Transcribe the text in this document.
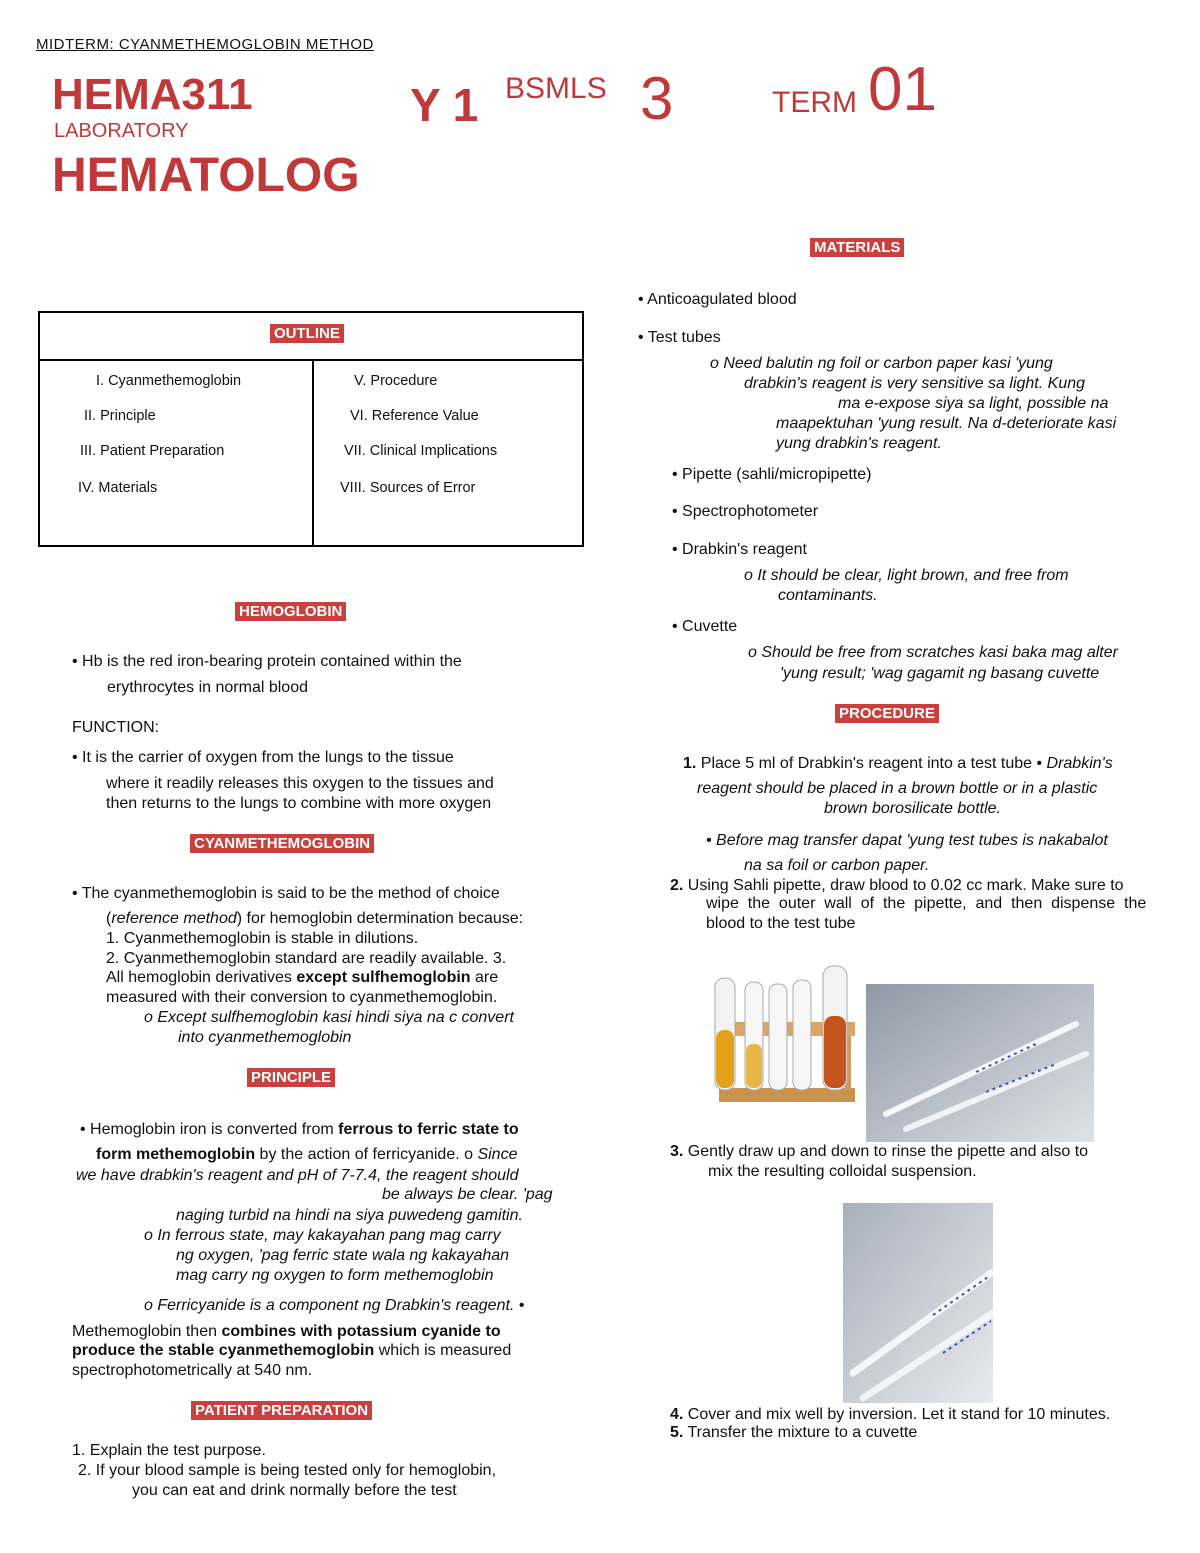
MIDTERM: CYANMETHEMOGLOBIN METHOD
HEMA311
LABORATORY
HEMATOLOG
Y 1 BSMLS 3	TERM 01
OUTLINE
I. Cyanmethemoglobin
II. Principle
III. Patient Preparation
IV. Materials
V. Procedure
VI. Reference Value
VII. Clinical Implications
VIII. Sources of Error
HEMOGLOBIN
• Hb is the red iron-bearing protein contained within the
erythrocytes in normal blood
FUNCTION:
• It is the carrier of oxygen from the lungs to the tissue
where it readily releases this oxygen to the tissues and
then returns to the lungs to combine with more oxygen
CYANMETHEMOGLOBIN
• The cyanmethemoglobin is said to be the method of choice
(reference method) for hemoglobin determination because:
1. Cyanmethemoglobin is stable in dilutions.
2. Cyanmethemoglobin standard are readily available. 3.
All hemoglobin derivatives except sulfhemoglobin are
measured with their conversion to cyanmethemoglobin.
o Except sulfhemoglobin kasi hindi siya na c convert
into cyanmethemoglobin
PRINCIPLE
• Hemoglobin iron is converted from ferrous to ferric state to
form methemoglobin by the action of ferricyanide. o Since
we have drabkin's reagent and pH of 7-7.4, the reagent should
be always be clear. 'pag
naging turbid na hindi na siya puwedeng gamitin.
o In ferrous state, may kakayahan pang mag carry
ng oxygen, 'pag ferric state wala ng kakayahan
mag carry ng oxygen to form methemoglobin
o Ferricyanide is a component ng Drabkin's reagent. •
Methemoglobin then combines with potassium cyanide to
produce the stable cyanmethemoglobin which is measured
spectrophotometrically at 540 nm.
PATIENT PREPARATION
1. Explain the test purpose.
2. If your blood sample is being tested only for hemoglobin,
you can eat and drink normally before the test
MATERIALS
• Anticoagulated blood
• Test tubes
o Need balutin ng foil or carbon paper kasi 'yung
drabkin's reagent is very sensitive sa light. Kung
ma e-expose siya sa light, possible na
maapektuhan 'yung result. Na d-deteriorate kasi
yung drabkin's reagent.
• Pipette (sahli/micropipette)
• Spectrophotometer
• Drabkin's reagent
o It should be clear, light brown, and free from
contaminants.
• Cuvette
o Should be free from scratches kasi baka mag alter
'yung result; 'wag gagamit ng basang cuvette
PROCEDURE
1. Place 5 ml of Drabkin's reagent into a test tube • Drabkin's
reagent should be placed in a brown bottle or in a plastic
brown borosilicate bottle.
• Before mag transfer dapat 'yung test tubes is nakabalot
na sa foil or carbon paper.
2. Using Sahli pipette, draw blood to 0.02 cc mark. Make sure to
wipe  the  outer  wall  of  the  pipette,  and  then  dispense  the
blood to the test tube
3. Gently draw up and down to rinse the pipette and also to
mix the resulting colloidal suspension.
4. Cover and mix well by inversion. Let it stand for 10 minutes.
5. Transfer the mixture to a cuvette
